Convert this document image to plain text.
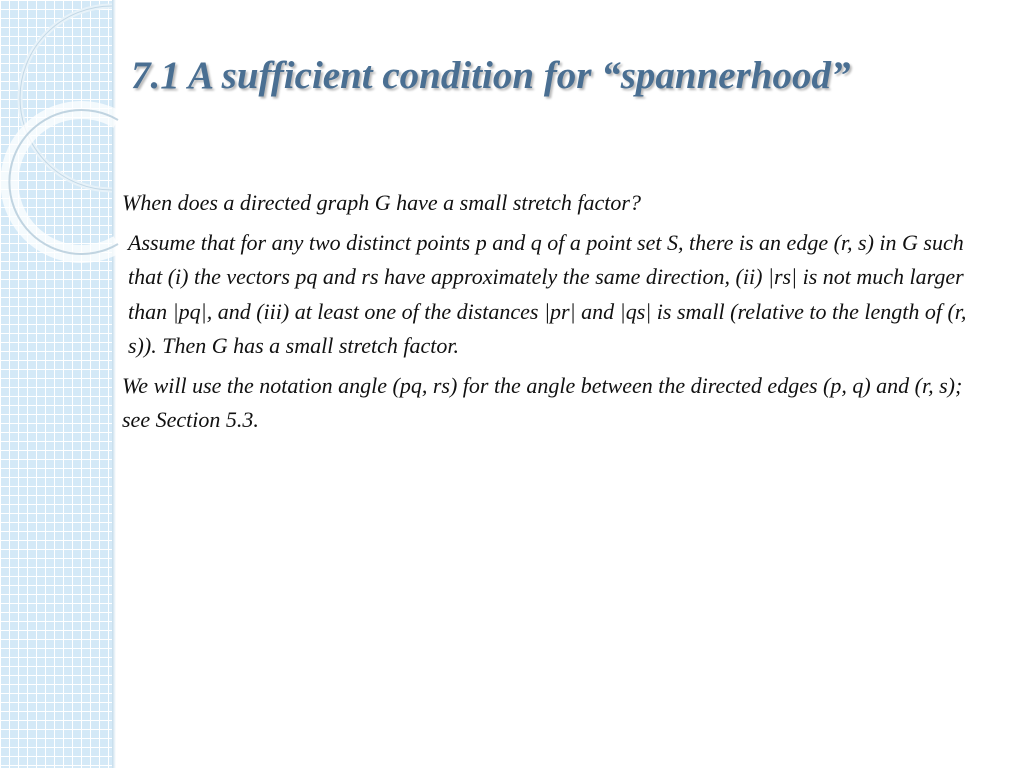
7.1 A sufficient condition for “spannerhood”

When does a directed graph G have a small stretch factor?

Assume that for any two distinct points p and q of a point set S, there is an edge (r, s) in G such that (i) the vectors pq and rs have approximately the same direction, (ii) |rs| is not much larger than |pq|, and (iii) at least one of the distances |pr| and |qs| is small (relative to the length of (r, s)). Then G has a small stretch factor.

We will use the notation angle (pq, rs) for the angle between the directed edges (p, q) and (r, s); see Section 5.3.
